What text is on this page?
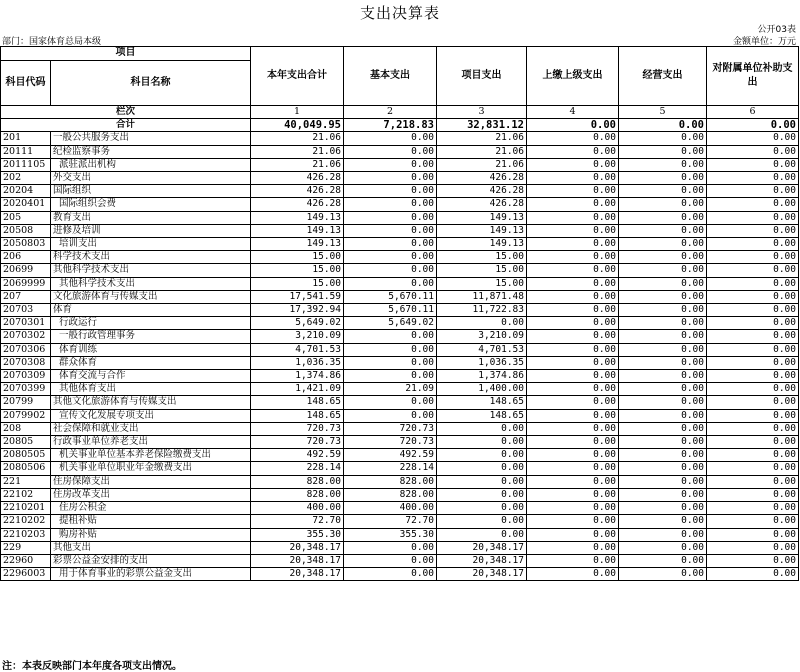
支出决算表
公开03表
部门：国家体育总局本级	金额单位：万元
项目		本年支出合计	基本支出	项目支出	上缴上级支出	经营支出	对附属单位补助支出
科目代码	科目名称						
栏次		1	2	3	4	5	6
合计		40,049.95	7,218.83	32,831.12	0.00	0.00	0.00
201	一般公共服务支出	21.06	0.00	21.06	0.00	0.00	0.00
20111	纪检监察事务	21.06	0.00	21.06	0.00	0.00	0.00
2011105	派驻派出机构	21.06	0.00	21.06	0.00	0.00	0.00
202	外交支出	426.28	0.00	426.28	0.00	0.00	0.00
20204	国际组织	426.28	0.00	426.28	0.00	0.00	0.00
2020401	国际组织会费	426.28	0.00	426.28	0.00	0.00	0.00
205	教育支出	149.13	0.00	149.13	0.00	0.00	0.00
20508	进修及培训	149.13	0.00	149.13	0.00	0.00	0.00
2050803	培训支出	149.13	0.00	149.13	0.00	0.00	0.00
206	科学技术支出	15.00	0.00	15.00	0.00	0.00	0.00
20699	其他科学技术支出	15.00	0.00	15.00	0.00	0.00	0.00
2069999	其他科学技术支出	15.00	0.00	15.00	0.00	0.00	0.00
207	文化旅游体育与传媒支出	17,541.59	5,670.11	11,871.48	0.00	0.00	0.00
20703	体育	17,392.94	5,670.11	11,722.83	0.00	0.00	0.00
2070301	行政运行	5,649.02	5,649.02	0.00	0.00	0.00	0.00
2070302	一般行政管理事务	3,210.09	0.00	3,210.09	0.00	0.00	0.00
2070306	体育训练	4,701.53	0.00	4,701.53	0.00	0.00	0.00
2070308	群众体育	1,036.35	0.00	1,036.35	0.00	0.00	0.00
2070309	体育交流与合作	1,374.86	0.00	1,374.86	0.00	0.00	0.00
2070399	其他体育支出	1,421.09	21.09	1,400.00	0.00	0.00	0.00
20799	其他文化旅游体育与传媒支出	148.65	0.00	148.65	0.00	0.00	0.00
2079902	宣传文化发展专项支出	148.65	0.00	148.65	0.00	0.00	0.00
208	社会保障和就业支出	720.73	720.73	0.00	0.00	0.00	0.00
20805	行政事业单位养老支出	720.73	720.73	0.00	0.00	0.00	0.00
2080505	机关事业单位基本养老保险缴费支出	492.59	492.59	0.00	0.00	0.00	0.00
2080506	机关事业单位职业年金缴费支出	228.14	228.14	0.00	0.00	0.00	0.00
221	住房保障支出	828.00	828.00	0.00	0.00	0.00	0.00
22102	住房改革支出	828.00	828.00	0.00	0.00	0.00	0.00
2210201	住房公积金	400.00	400.00	0.00	0.00	0.00	0.00
2210202	提租补贴	72.70	72.70	0.00	0.00	0.00	0.00
2210203	购房补贴	355.30	355.30	0.00	0.00	0.00	0.00
229	其他支出	20,348.17	0.00	20,348.17	0.00	0.00	0.00
22960	彩票公益金安排的支出	20,348.17	0.00	20,348.17	0.00	0.00	0.00
2296003	用于体育事业的彩票公益金支出	20,348.17	0.00	20,348.17	0.00	0.00	0.00
注：本表反映部门本年度各项支出情况。
